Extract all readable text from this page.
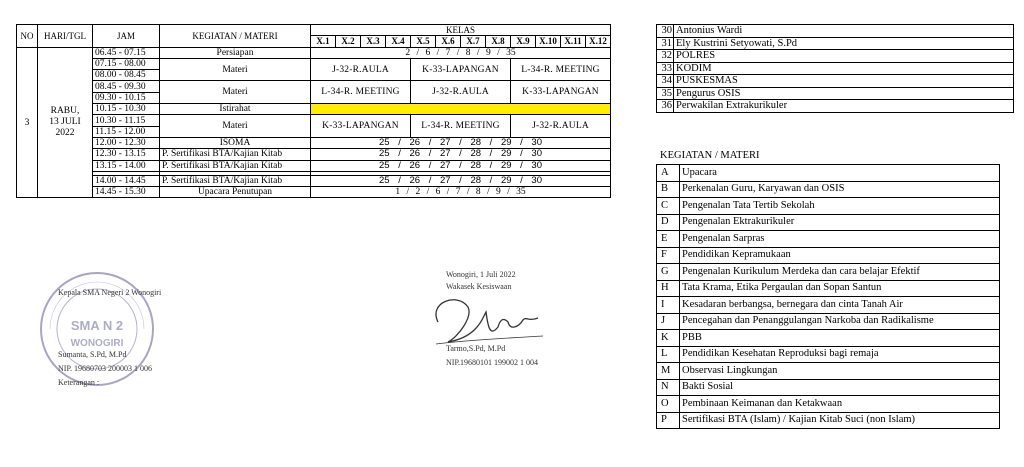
NO	HARI/TGL	JAM	KEGIATAN / MATERI	KELAS											
				X.1	X.2	X.3	X.4	X.5	X.6	X.7	X.8	X.9	X.10	X.11	X.12
3	RABU,
13 JULI
2022	06.45 - 07.15	Persiapan	2 / 6 / 7 / 8 / 9 / 35											
		07.15 - 08.00	Materi	J-32-R.AULA				K-33-LAPANGAN				L-34-R. MEETING			
		08.00 - 08.45													
		08.45 - 09.30	Materi	L-34-R. MEETING				J-32-R.AULA				K-33-LAPANGAN			
		09.30 - 10.15													
		10.15 - 10.30	Istirahat												
		10.30 - 11.15	Materi	K-33-LAPANGAN				L-34-R. MEETING				J-32-R.AULA			
		11.15 - 12.00													
		12.00 - 12.30	ISOMA	25 / 26 / 27 / 28 / 29 / 30											
		12.30 - 13.15	P. Sertifikasi BTA/Kajian Kitab	25 / 26 / 27 / 28 / 29 / 30											
		13.15 - 14.00	P. Sertifikasi BTA/Kajian Kitab	25 / 26 / 27 / 28 / 29 / 30											

		14.00 - 14.45	P. Sertifikasi BTA/Kajian Kitab	25 / 26 / 27 / 28 / 29 / 30											
		14.45 - 15.30	Upacara Penutupan	1 / 2 / 6 / 7 / 8 / 9 / 35											
30	Antonius Wardi
31	Ely Kustrini Setyowati, S.Pd
32	POLRES
33	KODIM
34	PUSKESMAS
35	Pengurus OSIS
36	Perwakilan Extrakurikuler
KEGIATAN / MATERI
A	Upacara
B	Perkenalan Guru, Karyawan dan OSIS
C	Pengenalan Tata Tertib Sekolah
D	Pengenalan Ektrakurikuler
E	Pengenalan Sarpras
F	Pendidikan Kepramukaan
G	Pengenalan Kurikulum Merdeka dan cara belajar Efektif
H	Tata Krama, Etika Pergaulan dan Sopan Santun
I	Kesadaran berbangsa, bernegara dan cinta Tanah Air
J	Pencegahan dan Penanggulangan Narkoba dan Radikalisme
K	PBB
L	Pendidikan Kesehatan Reproduksi bagi remaja
M	Observasi Lingkungan
N	Bakti Sosial
O	Pembinaan Keimanan dan Ketakwaan
P	Sertifikasi BTA (Islam) / Kajian Kitab Suci (non Islam)
SMA N 2
WONOGIRI
Kepala SMA Negeri 2 Wonogiri
Sumanta, S.Pd, M.Pd
NIP. 19680703 200003 1 006
Keterangan :
Wonogiri, 1 Juli 2022
Wakasek Kesiswaan
Tarmo,S.Pd, M.Pd
NIP.19680101 199002 1 004
